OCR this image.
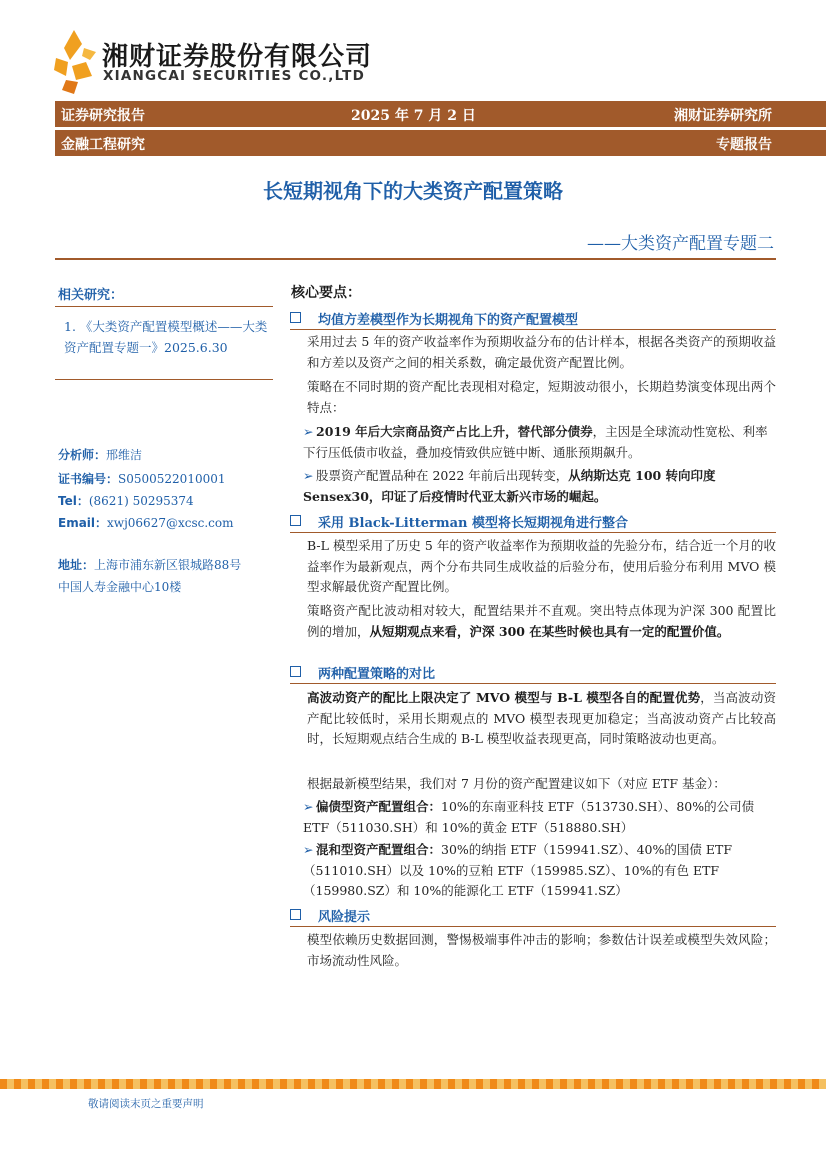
湘财证券股份有限公司
XIANGCAI SECURITIES CO.,LTD
证券研究报告	2025 年 7 月 2 日	湘财证券研究所
金融工程研究	专题报告
长短期视角下的大类资产配置策略
——大类资产配置专题二
相关研究：
1. 《大类资产配置模型概述——大类资产配置专题一》2025.6.30
分析师：邢维洁
证书编号：S0500522010001
Tel：(8621) 50295374
Email：xwj06627@xcsc.com
地址：上海市浦东新区银城路88号
中国人寿金融中心10楼
核心要点：
均值方差模型作为长期视角下的资产配置模型
采用过去 5 年的资产收益率作为预期收益分布的估计样本，根据各类资产的预期收益和方差以及资产之间的相关系数，确定最优资产配置比例。
策略在不同时期的资产配比表现相对稳定，短期波动很小，长期趋势演变体现出两个特点：
➢ 2019 年后大宗商品资产占比上升，替代部分债券，主因是全球流动性宽松、利率下行压低债市收益，叠加疫情致供应链中断、通胀预期飙升。
➢ 股票资产配置品种在 2022 年前后出现转变，从纳斯达克 100 转向印度 Sensex30，印证了后疫情时代亚太新兴市场的崛起。
采用 Black-Litterman 模型将长短期视角进行整合
B-L 模型采用了历史 5 年的资产收益率作为预期收益的先验分布，结合近一个月的收益率作为最新观点，两个分布共同生成收益的后验分布，使用后验分布利用 MVO 模型求解最优资产配置比例。
策略资产配比波动相对较大，配置结果并不直观。突出特点体现为沪深 300 配置比例的增加，从短期观点来看，沪深 300 在某些时候也具有一定的配置价值。
两种配置策略的对比
高波动资产的配比上限决定了 MVO 模型与 B-L 模型各自的配置优势，当高波动资产配比较低时，采用长期观点的 MVO 模型表现更加稳定；当高波动资产占比较高时，长短期观点结合生成的 B-L 模型收益表现更高，同时策略波动也更高。
根据最新模型结果，我们对 7 月份的资产配置建议如下（对应 ETF 基金）：
➢ 偏债型资产配置组合：10%的东南亚科技 ETF（513730.SH）、80%的公司债 ETF（511030.SH）和 10%的黄金 ETF（518880.SH）
➢ 混和型资产配置组合：30%的纳指 ETF（159941.SZ）、40%的国债 ETF（511010.SH）以及 10%的豆粕 ETF（159985.SZ）、10%的有色 ETF（159980.SZ）和 10%的能源化工 ETF（159941.SZ）
风险提示
模型依赖历史数据回测，警惕极端事件冲击的影响；参数估计误差或模型失效风险；市场流动性风险。
敬请阅读末页之重要声明
